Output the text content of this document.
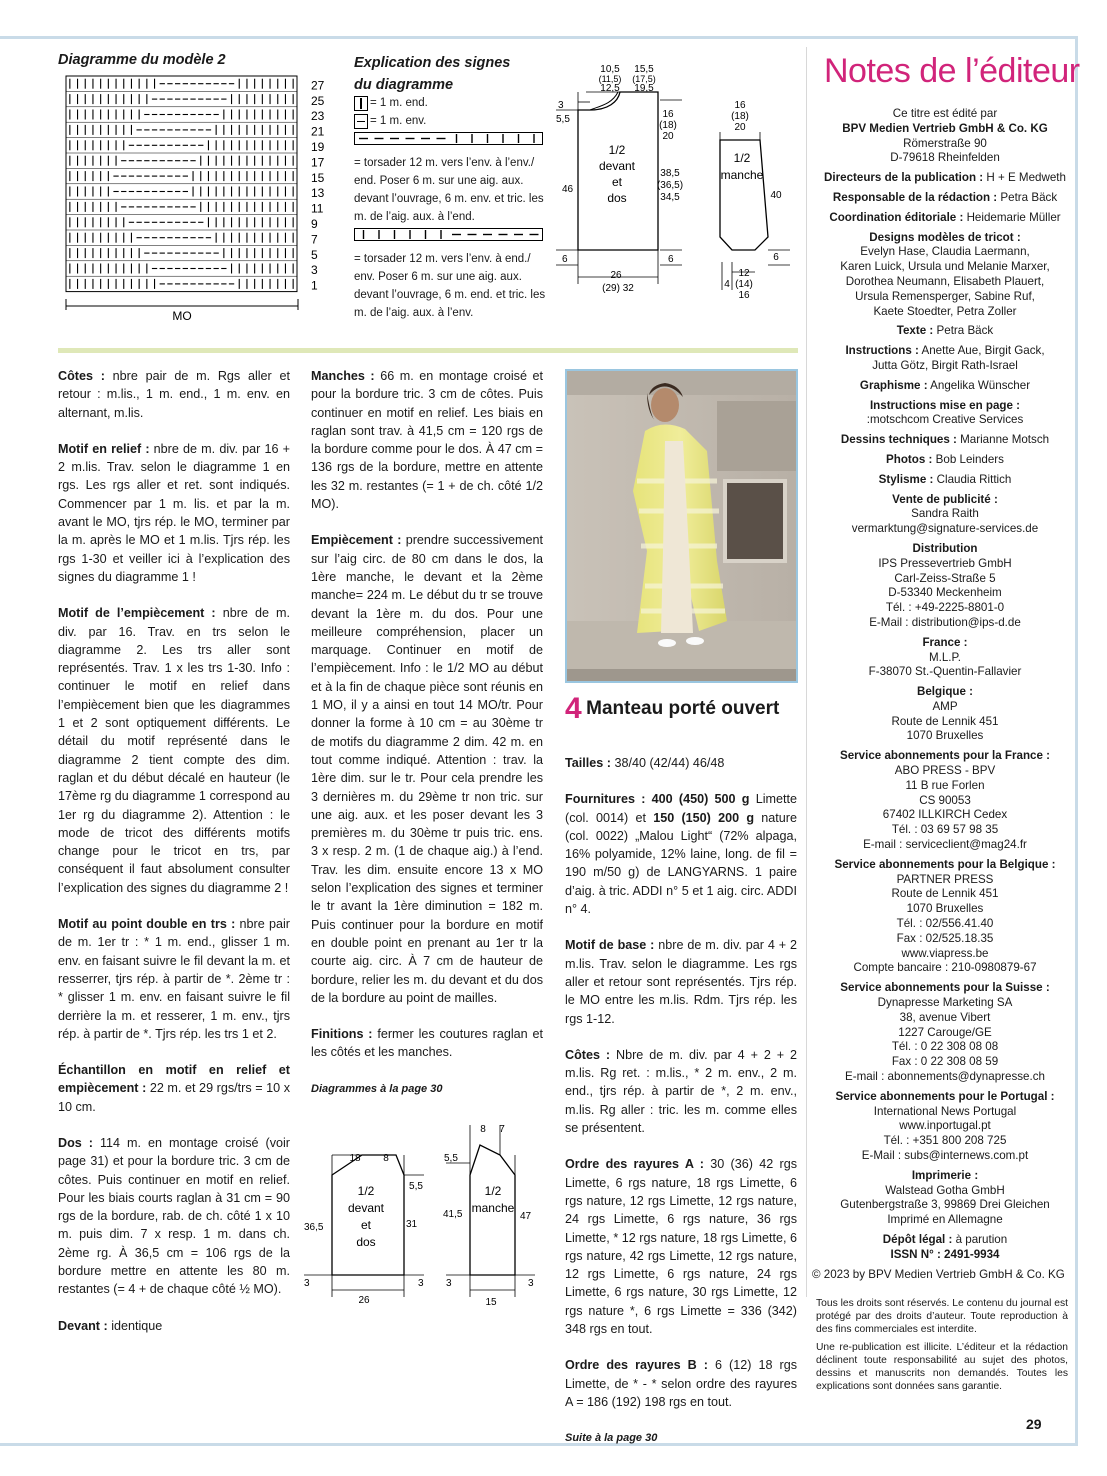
Diagramme du modèle 2
27
25
23
21
19
17
15
13
11
9
7
5
3
1
MO
Explication des signes
du diagramme
= 1 m. end.
= 1 m. env.
= torsader 12 m. vers l’env. à l’env./
end. Poser 6 m. sur une aig. aux.
devant l’ouvrage, 6 m. env. et tric. les
m. de l’aig. aux. à l’end.
= torsader 12 m. vers l’env. à end./
env. Poser 6 m. sur une aig. aux.
devant l’ouvrage, 6 m. end. et tric. les
m. de l’aig. aux. à l’env.
10,5 15,5
(11,5) (17,5)
12,5 19,5
3
5,5	16
(18)
20
1/2
devant
et
dos
46
38,5
(36,5)
34,5
6	6
26
(29) 32
16
(18)
20
1/2
manche
40
6
4
12
(14)
16

Côtes : nbre pair de m. Rgs aller et retour : m.lis., 1 m. end., 1 m. env. en alternant, m.lis.

Motif en relief : nbre de m. div. par 16 + 2 m.lis. Trav. selon le diagramme 1 en rgs. Les rgs aller et ret. sont indiqués. Commencer par 1 m. lis. et par la m. avant le MO, tjrs rép. le MO, terminer par la m. après le MO et 1 m.lis. Tjrs rép. les rgs 1-30 et veiller ici à l’explication des signes du diagramme 1 !

Motif de l’empiècement : nbre de m. div. par 16. Trav. en trs selon le diagramme 2. Les trs aller sont représentés. Trav. 1 x les trs 1-30. Info : continuer le motif en relief dans l’empiècement bien que les diagrammes 1 et 2 sont optiquement différents. Le détail du motif représenté dans le diagramme 2 tient compte des dim. raglan et du début décalé en hauteur (le 17ème rg du diagramme 1 correspond au 1er rg du diagramme 2). Attention : le mode de tricot des différents motifs change pour le tricot en trs, par conséquent il faut absolument consulter l’explication des signes du diagramme 2 !

Motif au point double en trs : nbre pair de m. 1er tr : * 1 m. end., glisser 1 m. env. en faisant suivre le fil devant la m. et resserrer, tjrs rép. à partir de *. 2ème tr : * glisser 1 m. env. en faisant suivre le fil derrière la m. et resserer, 1 m. env., tjrs rép. à partir de *. Tjrs rép. les trs 1 et 2.

Échantillon en motif en relief et empiècement : 22 m. et 29 rgs/trs = 10 x 10 cm.

Dos : 114 m. en montage croisé (voir page 31) et pour la bordure tric. 3 cm de côtes. Puis continuer en motif en relief. Pour les biais courts raglan à 31 cm = 90 rgs de la bordure, rab. de ch. côté 1 x 10 m. puis dim. 7 x resp. 1 m. dans ch. 2ème rg. À 36,5 cm = 106 rgs de la bordure mettre en attente les 80 m. restantes (= 4 + de chaque côté ½ MO).

Devant : identique

Manches : 66 m. en montage croisé et pour la bordure tric. 3 cm de côtes. Puis continuer en motif en relief. Les biais en raglan sont trav. à 41,5 cm = 120 rgs de la bordure comme pour le dos. À 47 cm = 136 rgs de la bordure, mettre en attente les 32 m. restantes (= 1 + de ch. côté 1/2 MO).

Empiècement : prendre successivement sur l’aig circ. de 80 cm dans le dos, la 1ère manche, le devant et la 2ème manche= 224 m. Le début du tr se trouve devant la 1ère m. du dos. Pour une meilleure compréhension, placer un marquage. Continuer en motif de l’empiècement. Info : le 1/2 MO au début et à la fin de chaque pièce sont réunis en 1 MO, il y a ainsi en tout 14 MO/tr. Pour donner la forme à 10 cm = au 30ème tr de motifs du diagramme 2 dim. 42 m. en tout comme indiqué. Attention : trav. la 1ère dim. sur le tr. Pour cela prendre les 3 dernières m. du 29ème tr non tric. sur une aig. aux. et les poser devant les 3 premières m. du 30ème tr puis tric. ens. 3 x resp. 2 m. (1 de chaque aig.) à l’end. Trav. les dim. ensuite encore 13 x MO selon l’explication des signes et terminer le tr avant la 1ère diminution = 182 m. Puis continuer pour la bordure en motif en double point en prenant au 1er tr la courte aig. circ. À 7 cm de hauteur de bordure, relier les m. du devant et du dos de la bordure au point de mailles.

Finitions : fermer les coutures raglan et les côtés et les manches.

Diagrammes à la page 30

18 8
5,5
1/2
devant
et
dos
36,5	31
3	3
26
8 7
5,5
1/2
manche
41,5	47
3	3
15
4 Manteau porté ouvert

Tailles : 38/40 (42/44) 46/48

Fournitures : 400 (450) 500 g Limette (col. 0014) et 150 (150) 200 g nature (col. 0022) „Malou Light“ (72% alpaga, 16% polyamide, 12% laine, long. de fil = 190 m/50 g) de LANGYARNS. 1 paire d’aig. à tric. ADDI n° 5 et 1 aig. circ. ADDI n° 4.

Motif de base : nbre de m. div. par 4 + 2 m.lis. Trav. selon le diagramme. Les rgs aller et retour sont représentés. Tjrs rép. le MO entre les m.lis. Rdm. Tjrs rép. les rgs 1-12.

Côtes : Nbre de m. div. par 4 + 2 + 2 m.lis. Rg ret. : m.lis., * 2 m. env., 2 m. end., tjrs rép. à partir de *, 2 m. env., m.lis. Rg aller : tric. les m. comme elles se présentent.

Ordre des rayures A : 30 (36) 42 rgs Limette, 6 rgs nature, 18 rgs Limette, 6 rgs nature, 12 rgs Limette, 12 rgs nature, 24 rgs Limette, 6 rgs nature, 36 rgs Limette, * 12 rgs nature, 18 rgs Limette, 6 rgs nature, 42 rgs Limette, 12 rgs nature, 12 rgs Limette, 6 rgs nature, 24 rgs Limette, 6 rgs nature, 30 rgs Limette, 12 rgs nature *, 6 rgs Limette = 336 (342) 348 rgs en tout.

Ordre des rayures B : 6 (12) 18 rgs Limette, de * - * selon ordre des rayures A = 186 (192) 198 rgs en tout.

Suite à la page 30

Notes de l’éditeur
Ce titre est édité par
BPV Medien Vertrieb GmbH & Co. KG
Römerstraße 90
D-79618 Rheinfelden
Directeurs de la publication : H + E Medweth
Responsable de la rédaction : Petra Bäck
Coordination éditoriale : Heidemarie Müller
Designs modèles de tricot :
Evelyn Hase, Claudia Laermann,
Karen Luick, Ursula und Melanie Marxer,
Dorothea Neumann, Elisabeth Plauert,
Ursula Remensperger, Sabine Ruf,
Kaete Stoedter, Petra Zoller
Texte : Petra Bäck
Instructions : Anette Aue, Birgit Gack,
Jutta Götz, Birgit Rath-Israel
Graphisme : Angelika Wünscher
Instructions mise en page :
:motschcom Creative Services
Dessins techniques : Marianne Motsch
Photos : Bob Leinders
Stylisme : Claudia Rittich
Vente de publicité :
Sandra Raith
vermarktung@signature-services.de
Distribution
IPS Pressevertrieb GmbH
Carl-Zeiss-Straße 5
D-53340 Meckenheim
Tél. : +49-2225-8801-0
E-Mail : distribution@ips-d.de
France :
M.L.P.
F-38070 St.-Quentin-Fallavier
Belgique :
AMP
Route de Lennik 451
1070 Bruxelles
Service abonnements pour la France :
ABO PRESS - BPV
11 B rue Forlen
CS 90053
67402 ILLKIRCH Cedex
Tél. : 03 69 57 98 35
E-mail : serviceclient@mag24.fr
Service abonnements pour la Belgique :
PARTNER PRESS
Route de Lennik 451
1070 Bruxelles
Tél. : 02/556.41.40
Fax : 02/525.18.35
www.viapress.be
Compte bancaire : 210-0980879-67
Service abonnements pour la Suisse :
Dynapresse Marketing SA
38, avenue Vibert
1227 Carouge/GE
Tél. : 0 22 308 08 08
Fax : 0 22 308 08 59
E-mail : abonnements@dynapresse.ch
Service abonnements pour le Portugal :
International News Portugal
www.inportugal.pt
Tél. : +351 800 208 725
E-Mail : subs@internews.com.pt
Imprimerie :
Walstead Gotha GmbH
Gutenbergstraße 3, 99869 Drei Gleichen
Imprimé en Allemagne
Dépôt légal : à parution
ISSN N° : 2491-9934
© 2023 by BPV Medien Vertrieb GmbH & Co. KG

Tous les droits sont réservés. Le contenu du journal est protégé par des droits d’auteur. Toute reproduction à des fins commerciales est interdite.

Une re-publication est illicite. L’éditeur et la rédaction déclinent toute responsabilité au sujet des photos, dessins et manuscrits non demandés. Toutes les explications sont données sans garantie.

29
